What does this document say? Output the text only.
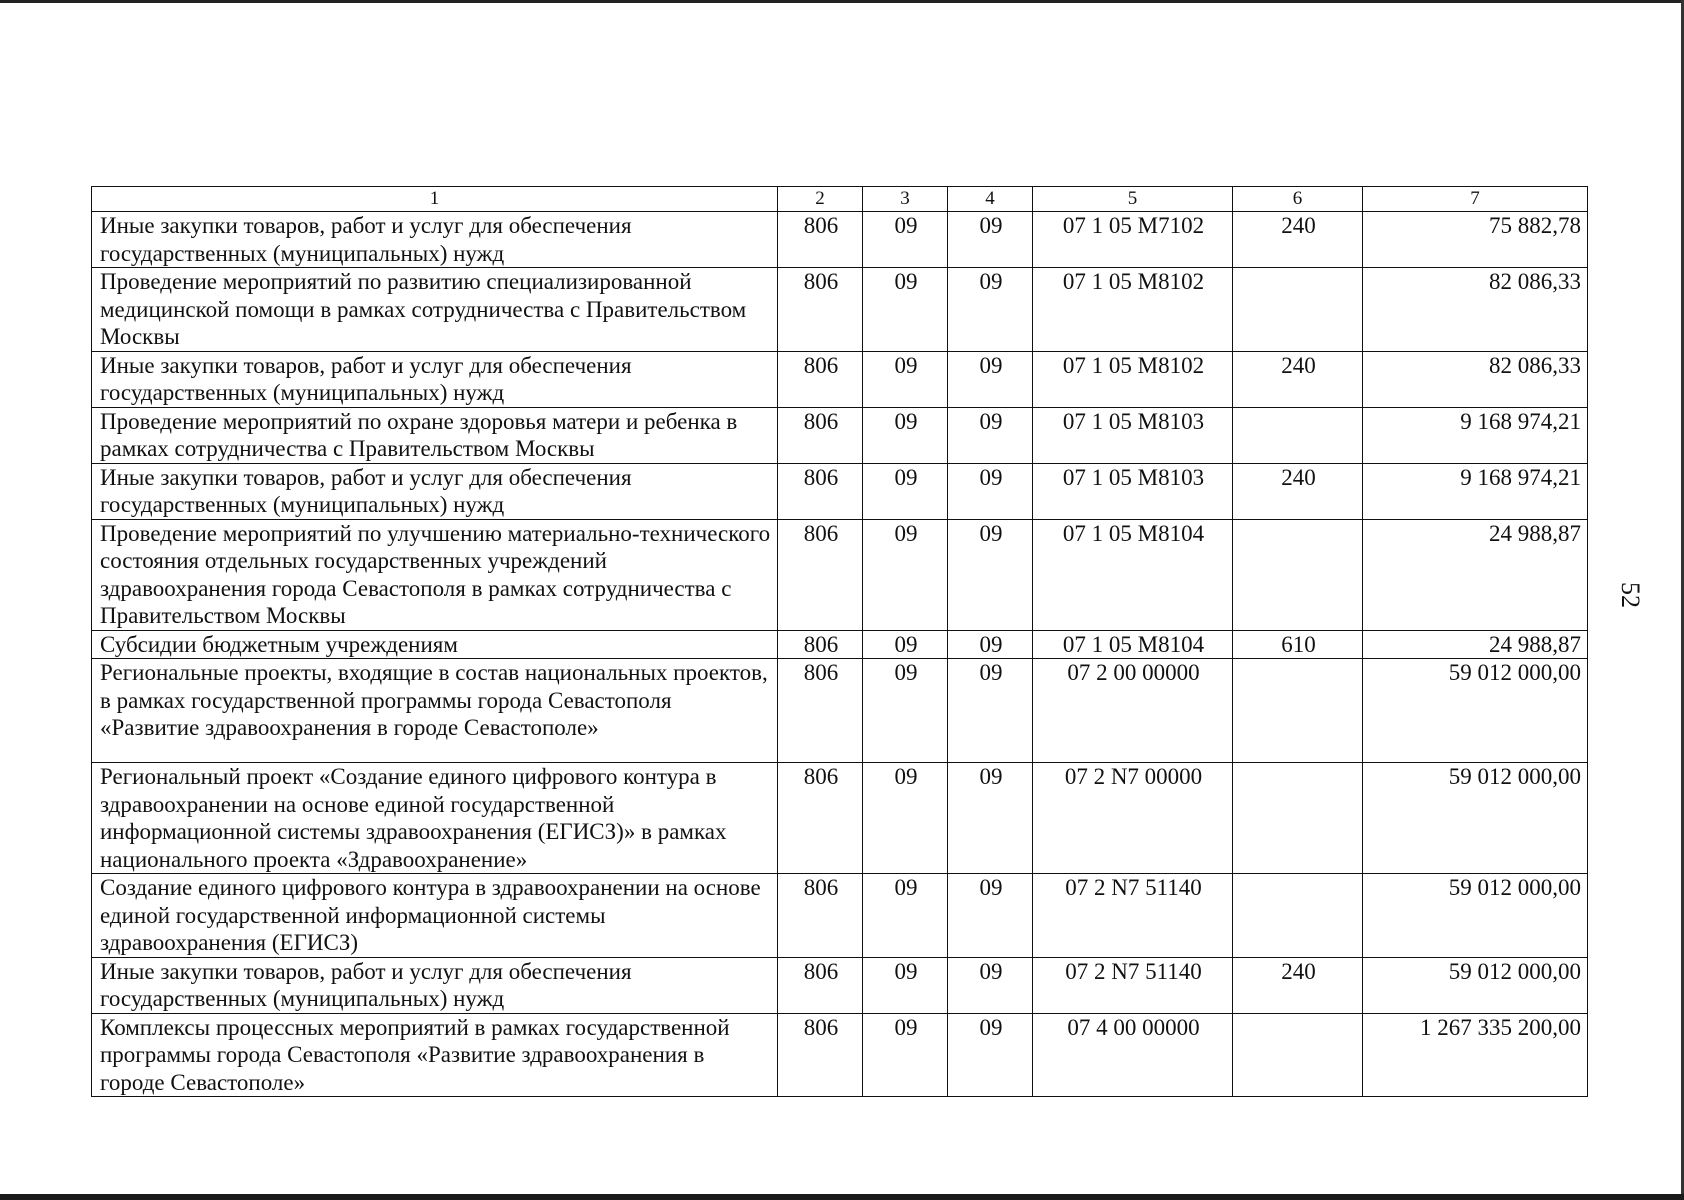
52
1	2	3	4	5	6	7
Иные закупки товаров, работ и услуг для обеспечения государственных (муниципальных) нужд	806	09	09	07 1 05 M7102	240	75 882,78
Проведение мероприятий по развитию специализированной медицинской помощи в рамках сотрудничества с Правительством Москвы	806	09	09	07 1 05 M8102		82 086,33
Иные закупки товаров, работ и услуг для обеспечения государственных (муниципальных) нужд	806	09	09	07 1 05 M8102	240	82 086,33
Проведение мероприятий по охране здоровья матери и ребенка в рамках сотрудничества с Правительством Москвы	806	09	09	07 1 05 M8103		9 168 974,21
Иные закупки товаров, работ и услуг для обеспечения государственных (муниципальных) нужд	806	09	09	07 1 05 M8103	240	9 168 974,21
Проведение мероприятий по улучшению материально-технического состояния отдельных государственных учреждений здравоохранения города Севастополя в рамках сотрудничества с Правительством Москвы	806	09	09	07 1 05 M8104		24 988,87
Субсидии бюджетным учреждениям	806	09	09	07 1 05 M8104	610	24 988,87
Региональные проекты, входящие в состав национальных проектов, в рамках государственной программы города Севастополя «Развитие здравоохранения в городе Севастополе»	806	09	09	07 2 00 00000		59 012 000,00
Региональный проект «Создание единого цифрового контура в здравоохранении на основе единой государственной информационной системы здравоохранения (ЕГИСЗ)» в рамках национального проекта «Здравоохранение»	806	09	09	07 2 N7 00000		59 012 000,00
Создание единого цифрового контура в здравоохранении на основе единой государственной информационной системы здравоохранения (ЕГИСЗ)	806	09	09	07 2 N7 51140		59 012 000,00
Иные закупки товаров, работ и услуг для обеспечения государственных (муниципальных) нужд	806	09	09	07 2 N7 51140	240	59 012 000,00
Комплексы процессных мероприятий в рамках государственной программы города Севастополя «Развитие здравоохранения в городе Севастополе»	806	09	09	07 4 00 00000		1 267 335 200,00
